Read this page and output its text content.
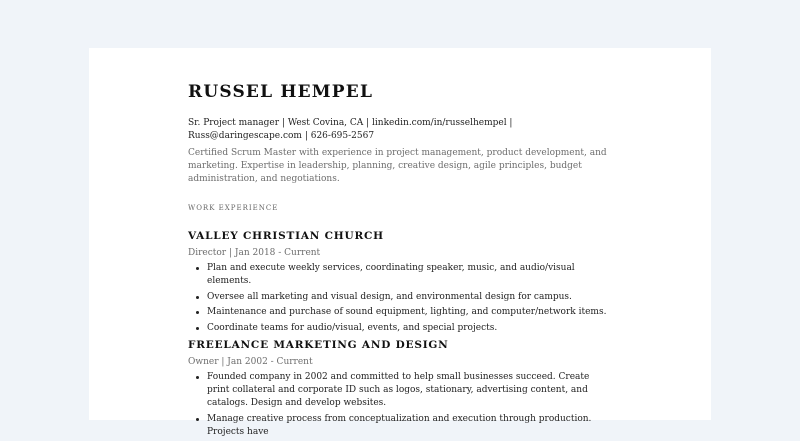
RUSSEL HEMPEL
Sr. Project manager | West Covina, CA | linkedin.com/in/russelhempel | Russ@daringescape.com | 626-695-2567
Certified Scrum Master with experience in project management, product development, and marketing. Expertise in leadership, planning, creative design, agile principles, budget administration, and negotiations.
WORK EXPERIENCE
VALLEY CHRISTIAN CHURCH
Director | Jan 2018 - Current
Plan and execute weekly services, coordinating speaker, music, and audio/visual elements.
Oversee all marketing and visual design, and environmental design for campus.
Maintenance and purchase of sound equipment, lighting, and computer/network items.
Coordinate teams for audio/visual, events, and special projects.
FREELANCE MARKETING AND DESIGN
Owner | Jan 2002 - Current
Founded company in 2002 and committed to help small businesses succeed. Create print collateral and corporate ID such as logos, stationary, advertising content, and catalogs. Design and develop websites.
Manage creative process from conceptualization and execution through production. Projects have
